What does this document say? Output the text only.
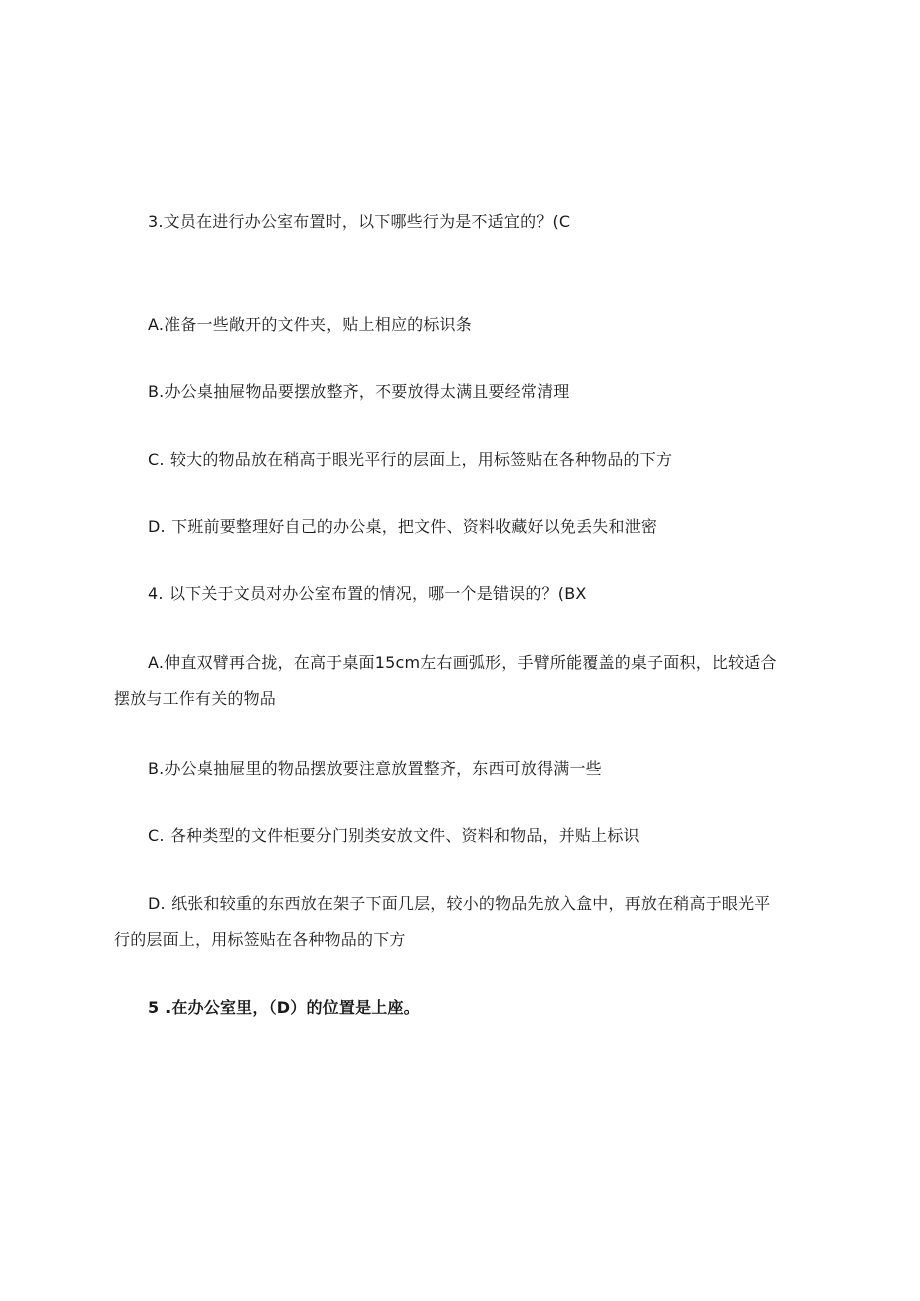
3.文员在进行办公室布置时，以下哪些行为是不适宜的？(C
A.准备一些敞开的文件夹，贴上相应的标识条
B.办公桌抽屉物品要摆放整齐，不要放得太满且要经常清理
C. 较大的物品放在稍高于眼光平行的层面上，用标签贴在各种物品的下方
D. 下班前要整理好自己的办公桌，把文件、资料收藏好以免丢失和泄密
4. 以下关于文员对办公室布置的情况，哪一个是错误的？(BX
A.伸直双臂再合拢，在高于桌面15cm左右画弧形，手臂所能覆盖的桌子面积，比较适合
摆放与工作有关的物品
B.办公桌抽屉里的物品摆放要注意放置整齐，东西可放得满一些
C. 各种类型的文件柜要分门别类安放文件、资料和物品，并贴上标识
D. 纸张和较重的东西放在架子下面几层，较小的物品先放入盒中，再放在稍高于眼光平
行的层面上，用标签贴在各种物品的下方
5 .在办公室里，（D）的位置是上座。
